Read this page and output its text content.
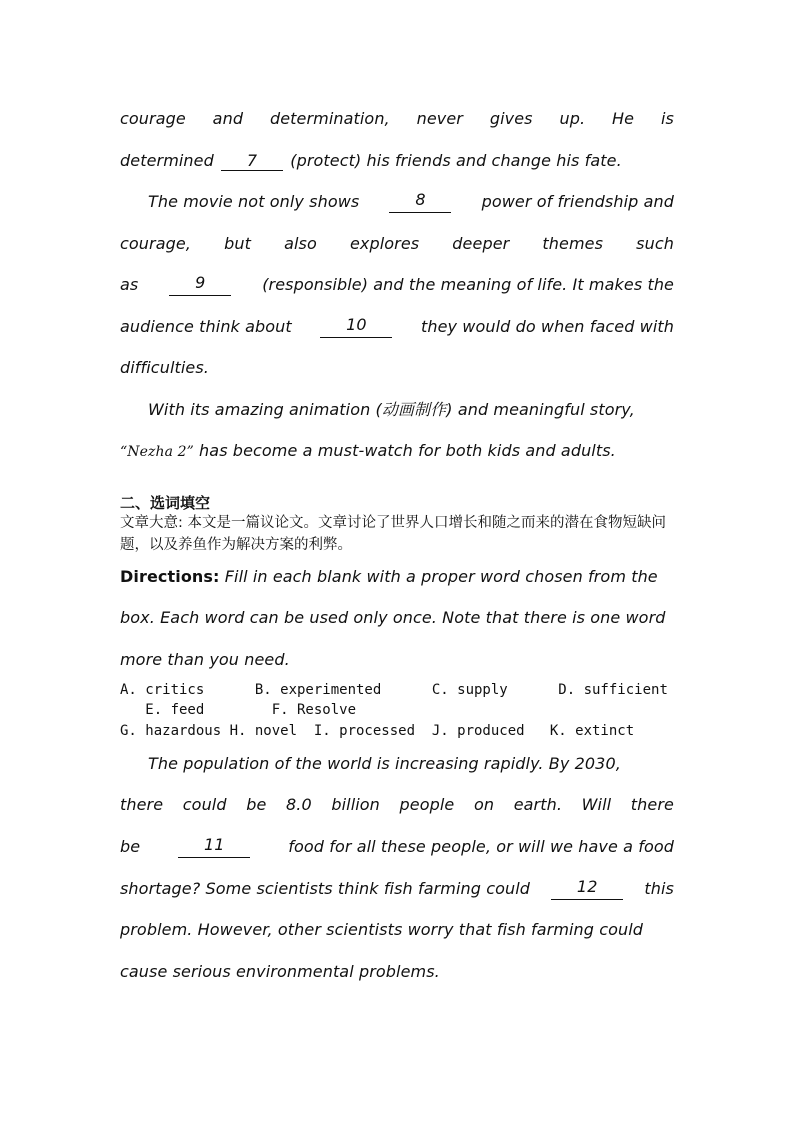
courage and determination, never gives up. He is
determined 7 (protect) his friends and change his fate.
The movie not only shows	8	power of friendship and
courage, but also explores deeper themes such
as	9	(responsible) and the meaning of life. It makes the
audience think about	10	they would do when faced with
difficulties.
With its amazing animation (动画制作) and meaningful story,
“Nezha 2” has become a must-watch for both kids and adults.
二、选词填空
文章大意: 本文是一篇议论文。文章讨论了世界人口增长和随之而来的潜在食物短缺问题，以及养鱼作为解决方案的利弊。
Directions: Fill in each blank with a proper word chosen from the
box. Each word can be used only once. Note that there is one word
more than you need.
A. critics      B. experimented      C. supply      D. sufficient
E. feed        F. Resolve
G. hazardous H. novel  I. processed  J. produced   K. extinct
The population of the world is increasing rapidly. By 2030,
there could be 8.0 billion people on earth. Will there
be	11	food for all these people, or will we have a food
shortage? Some scientists think fish farming could	12	this
problem. However, other scientists worry that fish farming could
cause serious environmental problems.
